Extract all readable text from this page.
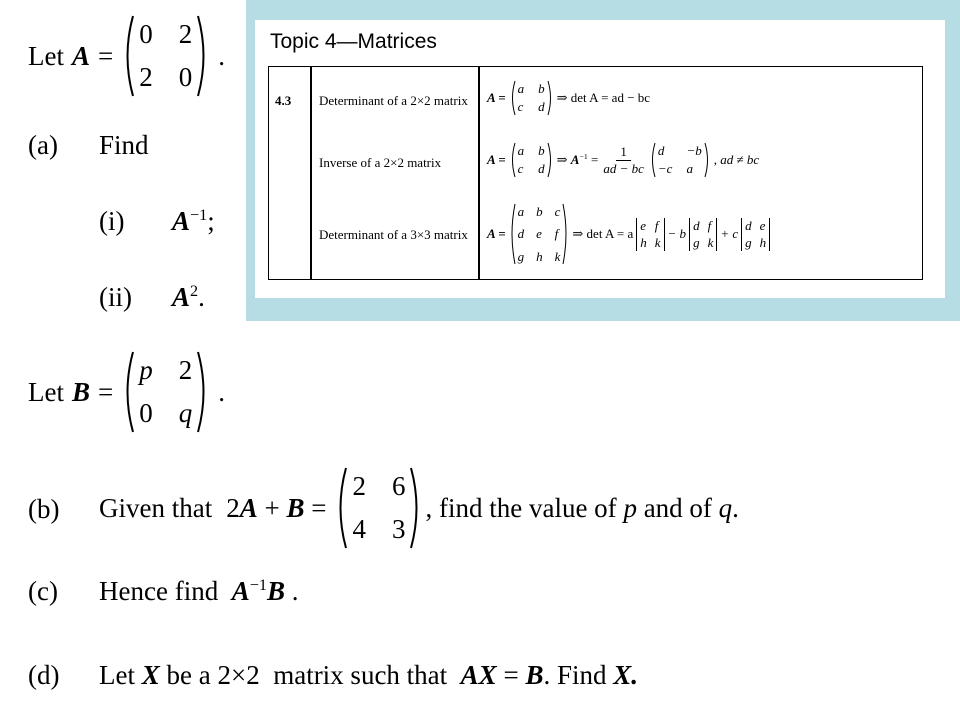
Topic 4—Matrices
4.3 Determinant of a 2×2 matrix	A =
a b
c d
⇒ det A = ad − bc
Inverse of a 2×2 matrix	A =
a b
c d
⇒ $A^{-1} = \frac{1}{ad - bc}$ d	−b
−c a
, ad ≠ bc
Determinant of a 3×3 matrix	A =
a b c
d e f
g h k
⇒ det A = a
e f
h k
− b
d f
g k
+ c
d e
g h
Let A =
0 2
2 0
.
(a) Find
(i) $A^{-1}$;
(ii) $A^2$.
Let B =
p 2
0 q
.
(b) Given that 2A + B =
2 6
4 3
, find the value of p and of q.
(c) Hence find $A^{-1}B$ .
(d) Let X be a 2×2 matrix such that AX = B. Find X.
